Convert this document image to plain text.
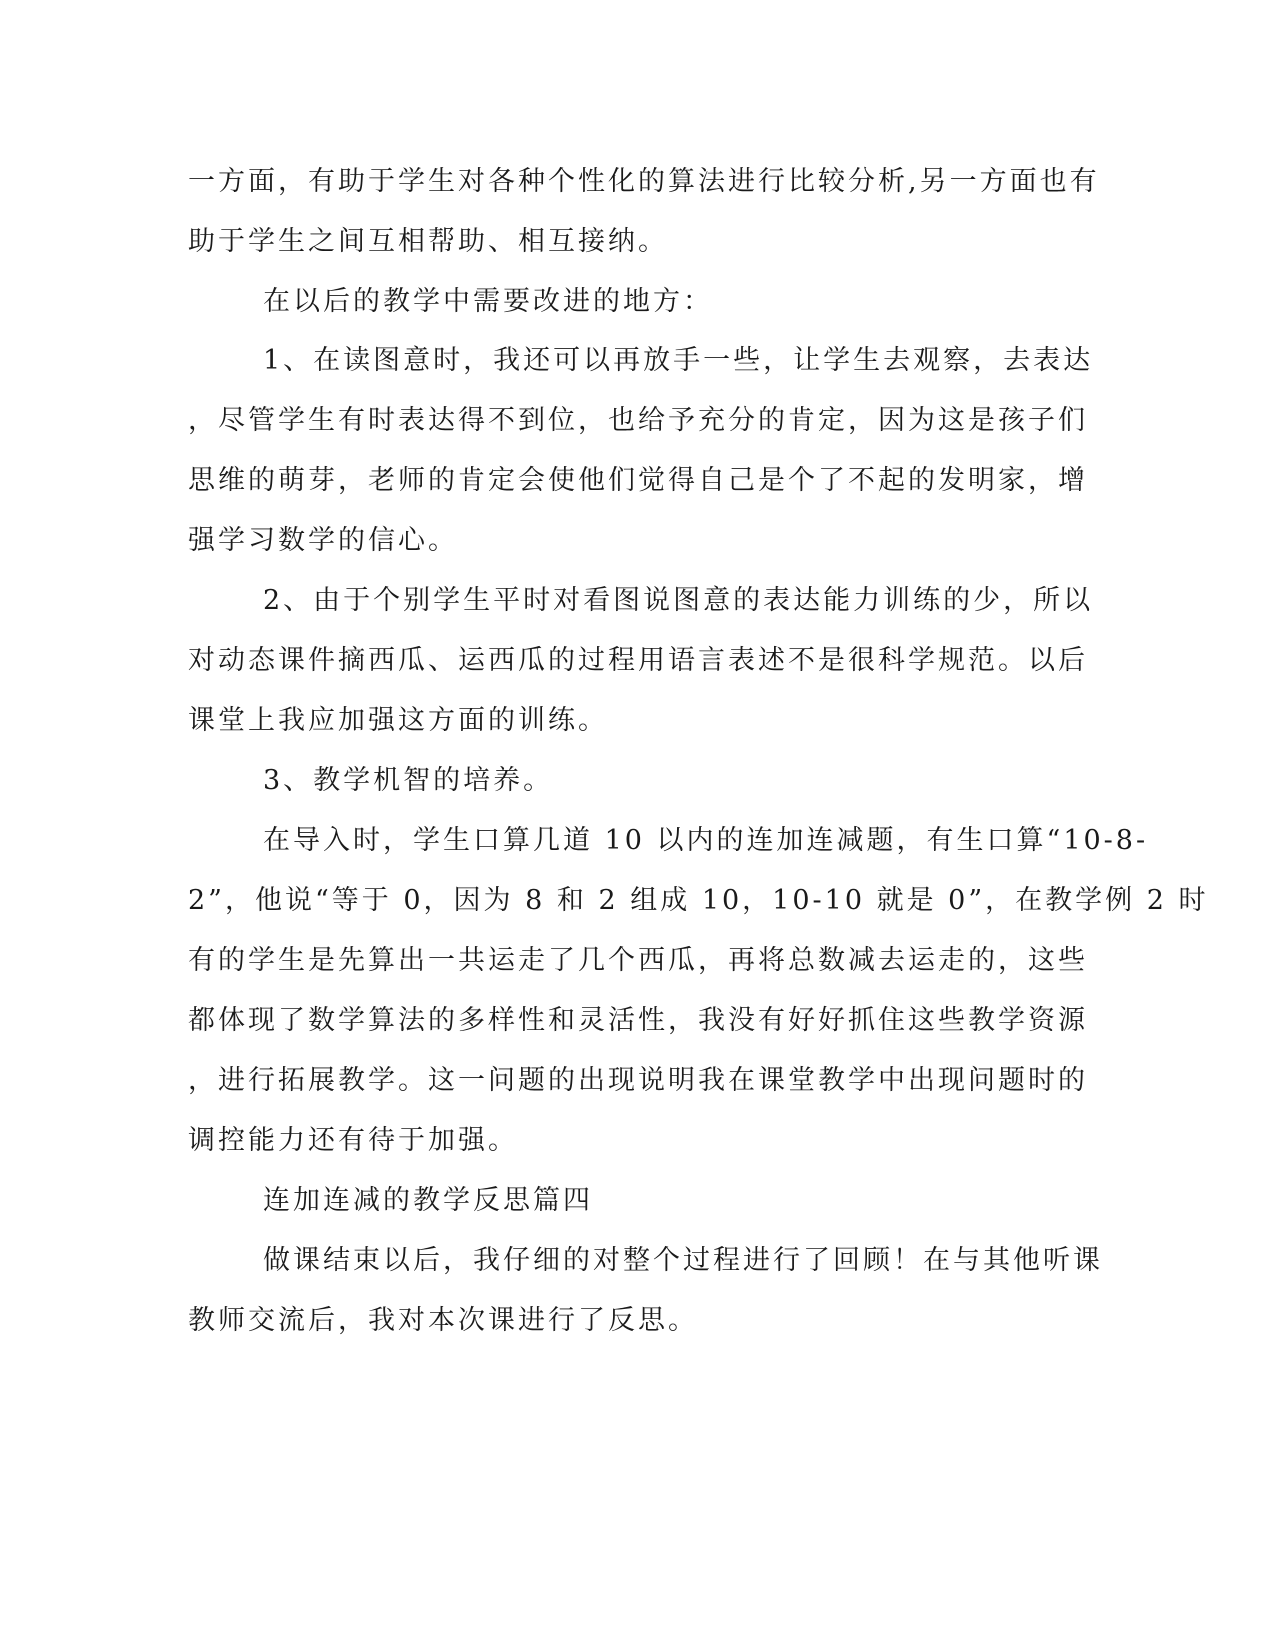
一方面，有助于学生对各种个性化的算法进行比较分析,另一方面也有
助于学生之间互相帮助、相互接纳。
在以后的教学中需要改进的地方：
1、在读图意时，我还可以再放手一些，让学生去观察，去表达
，尽管学生有时表达得不到位，也给予充分的肯定，因为这是孩子们
思维的萌芽，老师的肯定会使他们觉得自己是个了不起的发明家，增
强学习数学的信心。
2、由于个别学生平时对看图说图意的表达能力训练的少，所以
对动态课件摘西瓜、运西瓜的过程用语言表述不是很科学规范。以后
课堂上我应加强这方面的训练。
3、教学机智的培养。
在导入时，学生口算几道 10 以内的连加连减题，有生口算“10-8-
2”，他说“等于 0，因为 8 和 2 组成 10，10-10 就是 0”，在教学例 2 时
有的学生是先算出一共运走了几个西瓜，再将总数减去运走的，这些
都体现了数学算法的多样性和灵活性，我没有好好抓住这些教学资源
，进行拓展教学。这一问题的出现说明我在课堂教学中出现问题时的
调控能力还有待于加强。
连加连减的教学反思篇四
做课结束以后，我仔细的对整个过程进行了回顾！在与其他听课
教师交流后，我对本次课进行了反思。
